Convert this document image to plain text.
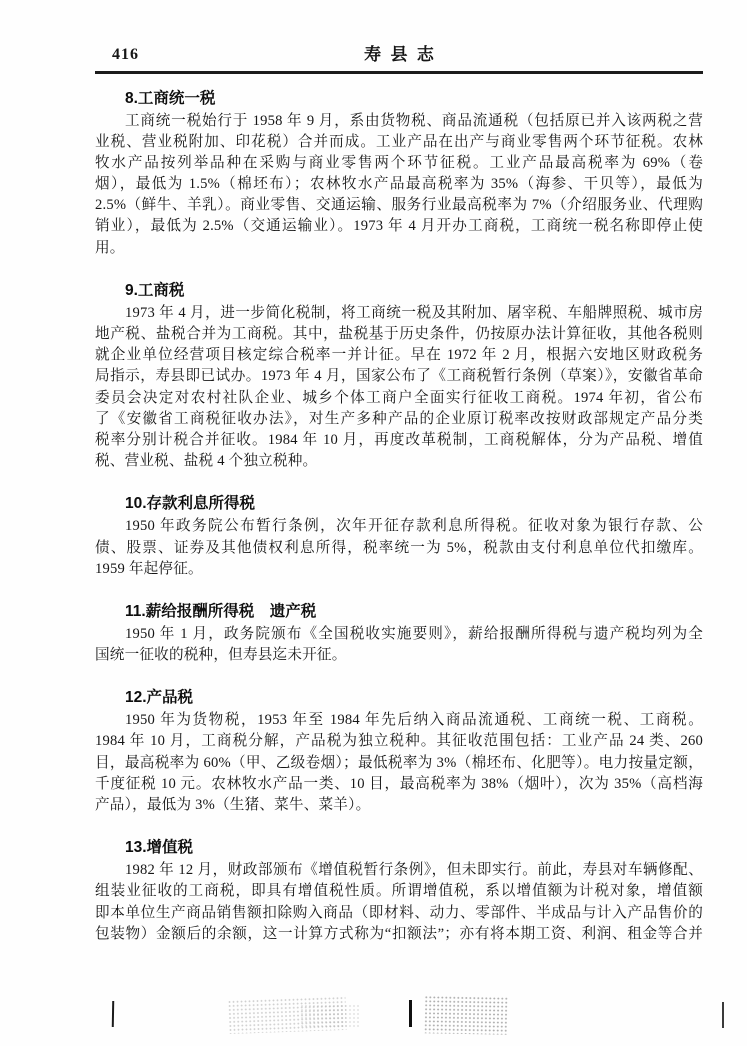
416	寿县志
8.工商统一税
工商统一税始行于 1958 年 9 月，系由货物税、商品流通税（包括原已并入该两税之营
业税、营业税附加、印花税）合并而成。工业产品在出产与商业零售两个环节征税。农林
牧水产品按列举品种在采购与商业零售两个环节征税。工业产品最高税率为 69%（卷
烟），最低为 1.5%（棉坯布）；农林牧水产品最高税率为 35%（海参、干贝等），最低为
2.5%（鲜牛、羊乳）。商业零售、交通运输、服务行业最高税率为 7%（介绍服务业、代理购
销业），最低为 2.5%（交通运输业）。1973 年 4 月开办工商税，工商统一税名称即停止使
用。
9.工商税
1973 年 4 月，进一步简化税制，将工商统一税及其附加、屠宰税、车船牌照税、城市房
地产税、盐税合并为工商税。其中，盐税基于历史条件，仍按原办法计算征收，其他各税则
就企业单位经营项目核定综合税率一并计征。早在 1972 年 2 月，根据六安地区财政税务
局指示，寿县即已试办。1973 年 4 月，国家公布了《工商税暂行条例（草案）》，安徽省革命
委员会决定对农村社队企业、城乡个体工商户全面实行征收工商税。1974 年初，省公布
了《安徽省工商税征收办法》，对生产多种产品的企业原订税率改按财政部规定产品分类
税率分别计税合并征收。1984 年 10 月，再度改革税制，工商税解体，分为产品税、增值
税、营业税、盐税 4 个独立税种。
10.存款利息所得税
1950 年政务院公布暂行条例，次年开征存款利息所得税。征收对象为银行存款、公
债、股票、证券及其他债权利息所得，税率统一为 5%，税款由支付利息单位代扣缴库。
1959 年起停征。
11.薪给报酬所得税　遗产税
1950 年 1 月，政务院颁布《全国税收实施要则》，薪给报酬所得税与遗产税均列为全
国统一征收的税种，但寿县迄未开征。
12.产品税
1950 年为货物税，1953 年至 1984 年先后纳入商品流通税、工商统一税、工商税。
1984 年 10 月，工商税分解，产品税为独立税种。其征收范围包括：工业产品 24 类、260
目，最高税率为 60%（甲、乙级卷烟）；最低税率为 3%（棉坯布、化肥等）。电力按量定额，
千度征税 10 元。农林牧水产品一类、10 目，最高税率为 38%（烟叶），次为 35%（高档海
产品），最低为 3%（生猪、菜牛、菜羊）。
13.增值税
1982 年 12 月，财政部颁布《增值税暂行条例》，但未即实行。前此，寿县对车辆修配、
组装业征收的工商税，即具有增值税性质。所谓增值税，系以增值额为计税对象，增值额
即本单位生产商品销售额扣除购入商品（即材料、动力、零部件、半成品与计入产品售价的
包装物）金额后的余额，这一计算方式称为“扣额法”；亦有将本期工资、利润、租金等合并
